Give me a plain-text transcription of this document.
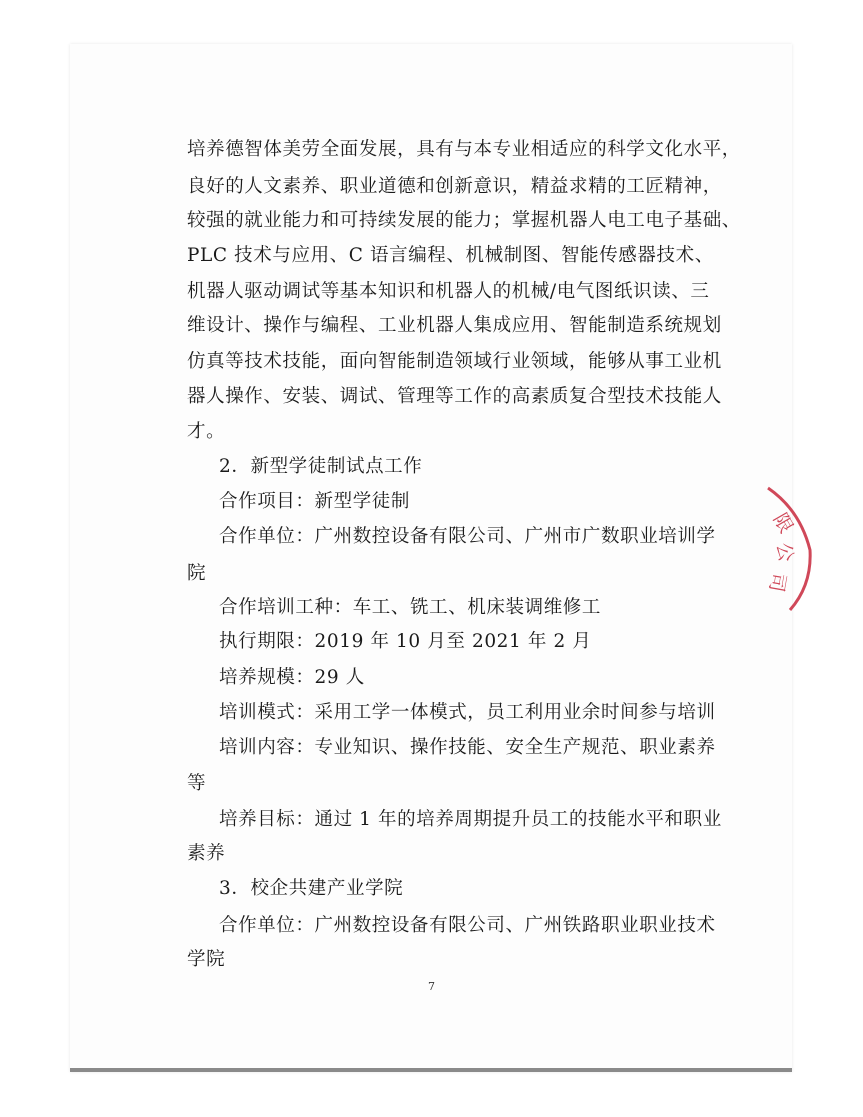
培养德智体美劳全面发展，具有与本专业相适应的科学文化水平，
良好的人文素养、职业道德和创新意识，精益求精的工匠精神，
较强的就业能力和可持续发展的能力；掌握机器人电工电子基础、
PLC 技术与应用、C 语言编程、机械制图、智能传感器技术、
机器人驱动调试等基本知识和机器人的机械/电气图纸识读、三
维设计、操作与编程、工业机器人集成应用、智能制造系统规划
仿真等技术技能，面向智能制造领域行业领域，能够从事工业机
器人操作、安装、调试、管理等工作的高素质复合型技术技能人
才。
2．新型学徒制试点工作
合作项目：新型学徒制
合作单位：广州数控设备有限公司、广州市广数职业培训学
院
合作培训工种：车工、铣工、机床装调维修工
执行期限：2019 年 10 月至 2021 年 2 月
培养规模：29 人
培训模式：采用工学一体模式，员工利用业余时间参与培训
培训内容：专业知识、操作技能、安全生产规范、职业素养
等
培养目标：通过 1 年的培养周期提升员工的技能水平和职业
素养
3．校企共建产业学院
合作单位：广州数控设备有限公司、广州铁路职业职业技术
学院
7
限
公
司
